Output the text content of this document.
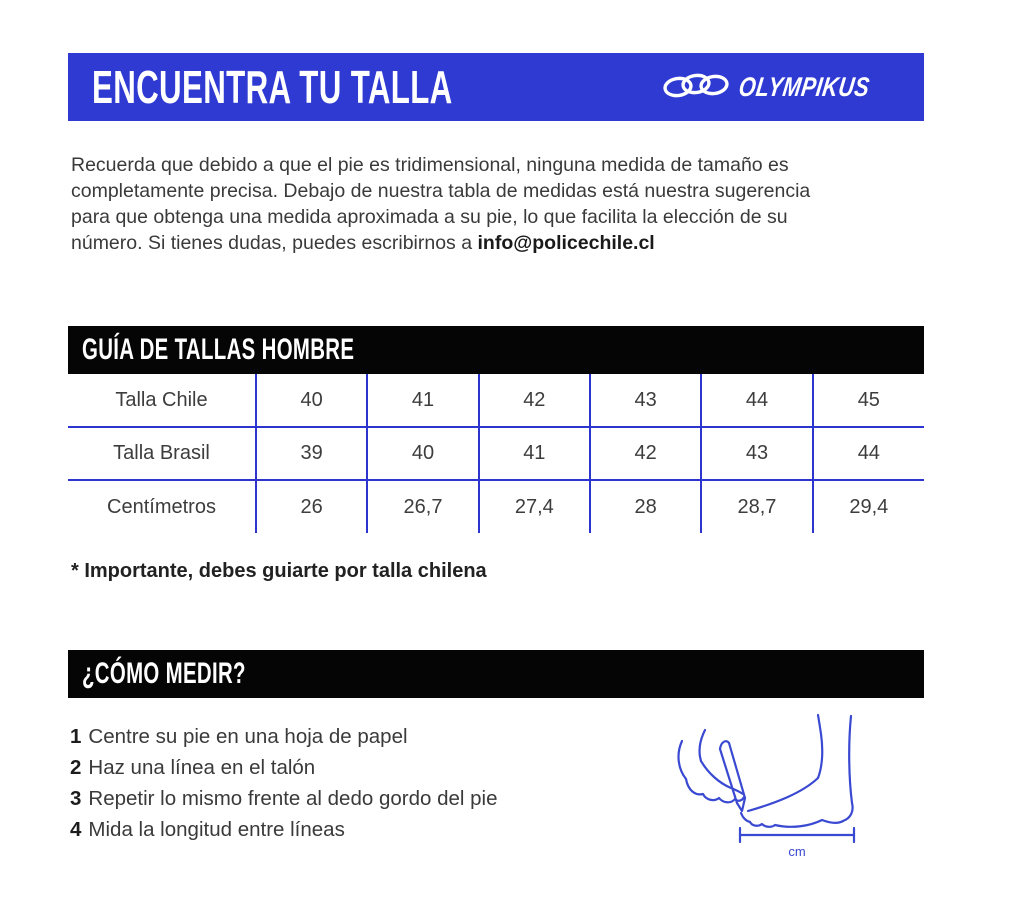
ENCUENTRA TU TALLA	OLYMPIKUS
Recuerda que debido a que el pie es tridimensional, ninguna medida de tamaño es
completamente precisa. Debajo de nuestra tabla de medidas está nuestra sugerencia
para que obtenga una medida aproximada a su pie, lo que facilita la elección de su
número. Si tienes dudas, puedes escribirnos a info@policechile.cl
GUÍA DE TALLAS HOMBRE
Talla Chile	40	41	42	43	44	45
Talla Brasil	39	40	41	42	43	44
Centímetros	26	26,7	27,4	28	28,7	29,4
* Importante, debes guiarte por talla chilena
¿CÓMO MEDIR?
1 Centre su pie en una hoja de papel
2 Haz una línea en el talón
3 Repetir lo mismo frente al dedo gordo del pie
4 Mida la longitud entre líneas
cm
